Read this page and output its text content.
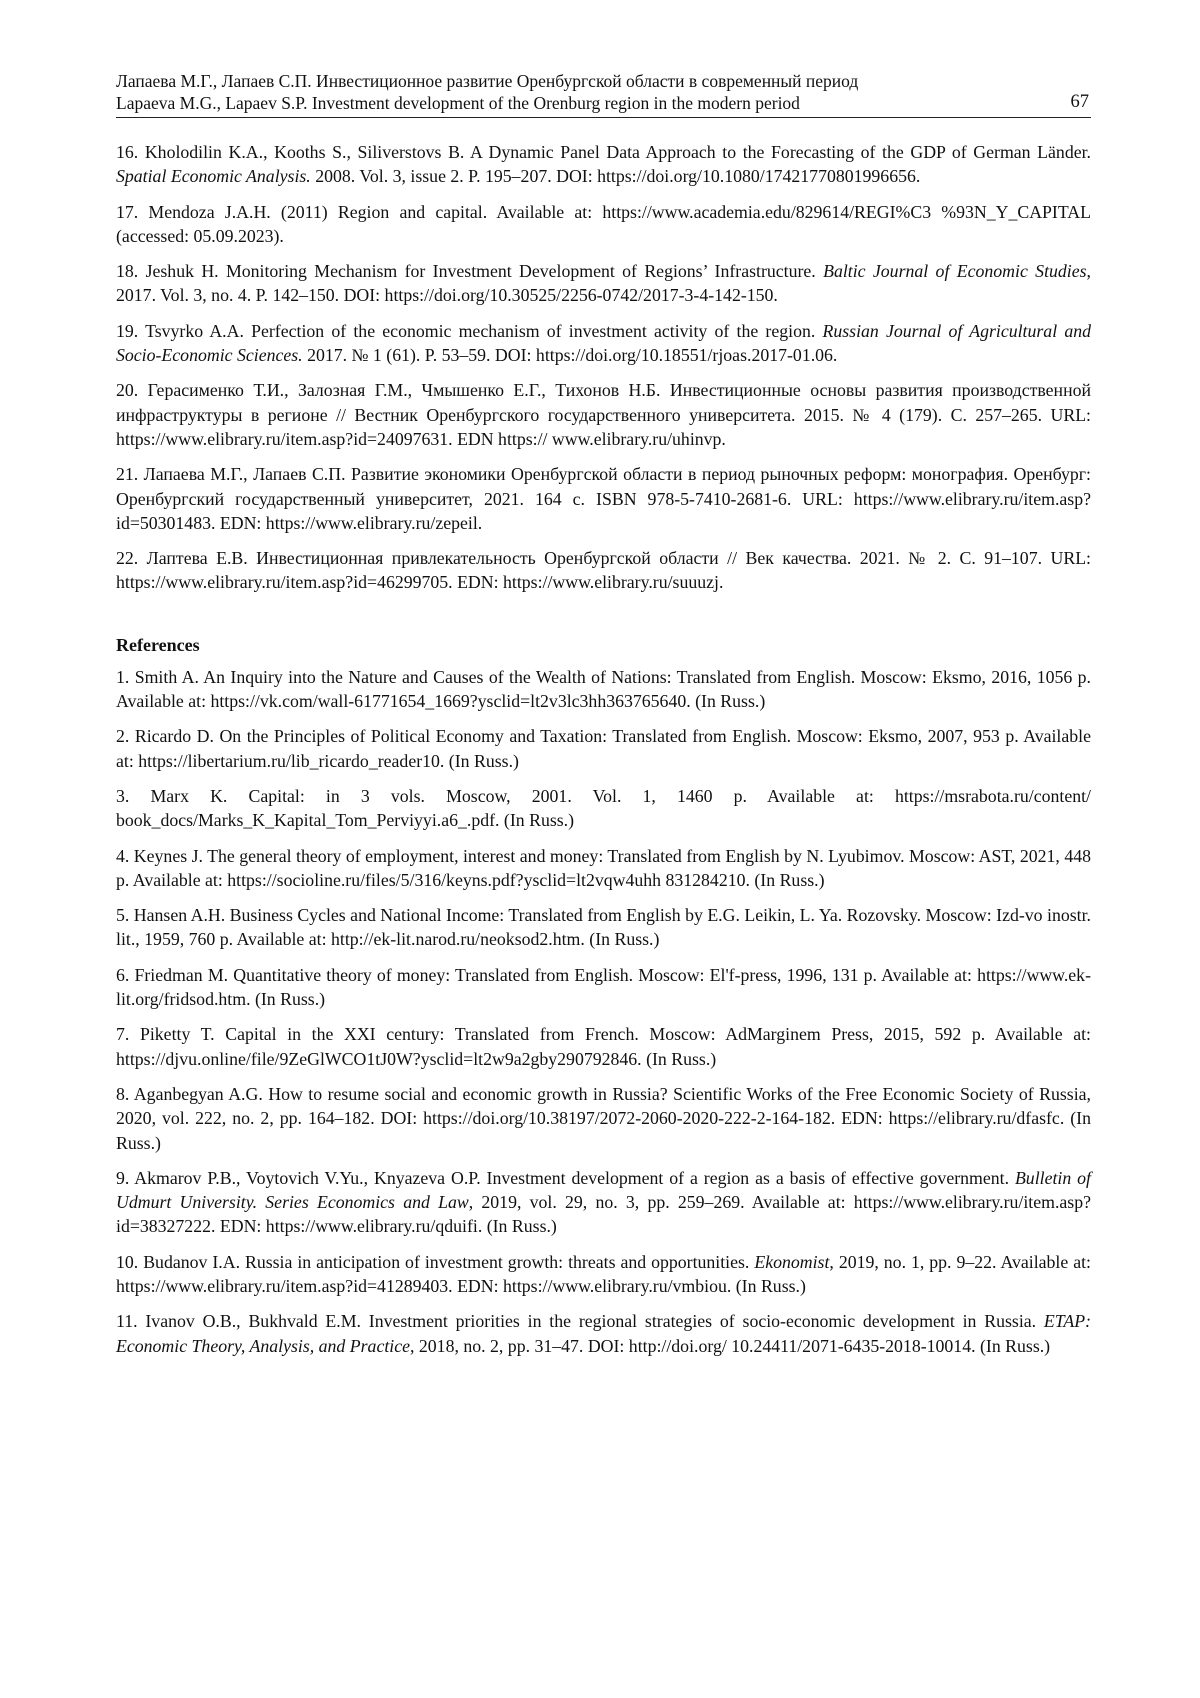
Лапаева М.Г., Лапаев С.П. Инвестиционное развитие Оренбургской области в современный период
Lapaeva M.G., Lapaev S.P. Investment development of the Orenburg region in the modern period	67

16. Kholodilin K.A., Kooths S., Siliverstovs B. A Dynamic Panel Data Approach to the Forecasting of the GDP of German Länder. Spatial Economic Analysis. 2008. Vol. 3, issue 2. P. 195–207. DOI: https://doi.org/10.1080/17421770801996656.

17. Mendoza J.A.H. (2011) Region and capital. Available at: https://www.academia.edu/829614/REGI%C3 %93N_Y_CAPITAL (accessed: 05.09.2023).

18. Jeshuk H. Monitoring Mechanism for Investment Development of Regions’ Infrastructure. Baltic Journal of Economic Studies, 2017. Vol. 3, no. 4. P. 142–150. DOI: https://doi.org/10.30525/2256-0742/2017-3-4-142-150.

19. Tsvyrko A.A. Perfection of the economic mechanism of investment activity of the region. Russian Journal of Agricultural and Socio-Economic Sciences. 2017. № 1 (61). P. 53–59. DOI: https://doi.org/10.18551/rjoas.2017-01.06.

20. Герасименко Т.И., Залозная Г.М., Чмышенко Е.Г., Тихонов Н.Б. Инвестиционные основы развития производственной инфраструктуры в регионе // Вестник Оренбургского государственного университета. 2015. № 4 (179). С. 257–265. URL: https://www.elibrary.ru/item.asp?id=24097631. EDN https:// www.elibrary.ru/uhinvp.

21. Лапаева М.Г., Лапаев С.П. Развитие экономики Оренбургской области в период рыночных реформ: монография. Оренбург: Оренбургский государственный университет, 2021. 164 с. ISBN 978-5-7410-2681-6. URL: https://www.elibrary.ru/item.asp?id=50301483. EDN: https://www.elibrary.ru/zepeil.

22. Лаптева Е.В. Инвестиционная привлекательность Оренбургской области // Век качества. 2021. № 2. С. 91–107. URL: https://www.elibrary.ru/item.asp?id=46299705. EDN: https://www.elibrary.ru/suuuzj.

References

1. Smith A. An Inquiry into the Nature and Causes of the Wealth of Nations: Translated from English. Moscow: Eksmo, 2016, 1056 p. Available at: https://vk.com/wall-61771654_1669?ysclid=lt2v3lc3hh363765640. (In Russ.)

2. Ricardo D. On the Principles of Political Economy and Taxation: Translated from English. Moscow: Eksmo, 2007, 953 p. Available at: https://libertarium.ru/lib_ricardo_reader10. (In Russ.)

3. Marx K. Capital: in 3 vols. Moscow, 2001. Vol. 1, 1460 p. Available at: https://msrabota.ru/content/ book_docs/Marks_K_Kapital_Tom_Perviyyi.a6_.pdf. (In Russ.)

4. Keynes J. The general theory of employment, interest and money: Translated from English by N. Lyubimov. Moscow: AST, 2021, 448 p. Available at: https://socioline.ru/files/5/316/keyns.pdf?ysclid=lt2vqw4uhh 831284210. (In Russ.)

5. Hansen A.H. Business Cycles and National Income: Translated from English by E.G. Leikin, L. Ya. Rozovsky. Moscow: Izd-vo inostr. lit., 1959, 760 p. Available at: http://ek-lit.narod.ru/neoksod2.htm. (In Russ.)

6. Friedman M. Quantitative theory of money: Translated from English. Moscow: El'f-press, 1996, 131 p. Available at: https://www.ek-lit.org/fridsod.htm. (In Russ.)

7. Piketty T. Capital in the XXI century: Translated from French. Moscow: AdMarginem Press, 2015, 592 p. Available at: https://djvu.online/file/9ZeGlWCO1tJ0W?ysclid=lt2w9a2gby290792846. (In Russ.)

8. Aganbegyan A.G. How to resume social and economic growth in Russia? Scientific Works of the Free Economic Society of Russia, 2020, vol. 222, no. 2, pp. 164–182. DOI: https://doi.org/10.38197/2072-2060-2020-222-2-164-182. EDN: https://elibrary.ru/dfasfc. (In Russ.)

9. Akmarov P.B., Voytovich V.Yu., Knyazeva O.P. Investment development of a region as a basis of effective government. Bulletin of Udmurt University. Series Economics and Law, 2019, vol. 29, no. 3, pp. 259–269. Available at: https://www.elibrary.ru/item.asp?id=38327222. EDN: https://www.elibrary.ru/qduifi. (In Russ.)

10. Budanov I.A. Russia in anticipation of investment growth: threats and opportunities. Ekonomist, 2019, no. 1, pp. 9–22. Available at: https://www.elibrary.ru/item.asp?id=41289403. EDN: https://www.elibrary.ru/vmbiou. (In Russ.)

11. Ivanov O.B., Bukhvald E.M. Investment priorities in the regional strategies of socio-economic development in Russia. ETAP: Economic Theory, Analysis, and Practice, 2018, no. 2, pp. 31–47. DOI: http://doi.org/ 10.24411/2071-6435-2018-10014. (In Russ.)
